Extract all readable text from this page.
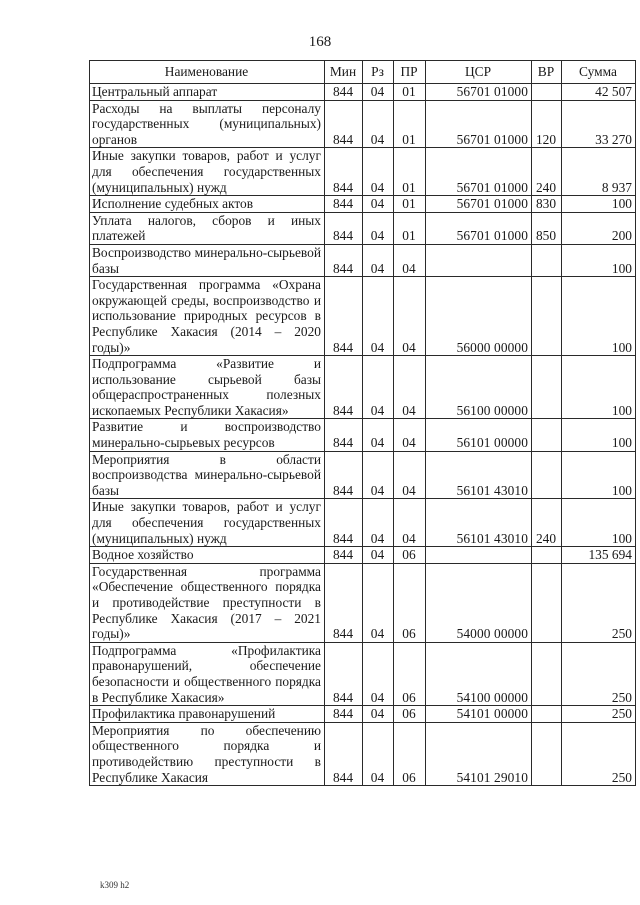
168
Наименование	Мин	Рз	ПР	ЦСР	ВР	Сумма
Центральный аппарат	844	04	01	56701 01000		42 507
Расходы на выплаты персоналу государственных (муниципальных) органов	844	04	01	56701 01000	120	33 270
Иные закупки товаров, работ и услуг для обеспечения государственных (муниципальных) нужд	844	04	01	56701 01000	240	8 937
Исполнение судебных актов	844	04	01	56701 01000	830	100
Уплата налогов, сборов и иных платежей	844	04	01	56701 01000	850	200
Воспроизводство минерально-сырьевой базы	844	04	04			100
Государственная программа «Охрана окружающей среды, воспроизводство и использование природных ресурсов в Республике Хакасия (2014 – 2020 годы)»	844	04	04	56000 00000		100
Подпрограмма «Развитие и использование сырьевой базы общераспространенных полезных ископаемых Республики Хакасия»	844	04	04	56100 00000		100
Развитие и воспроизводство минерально-сырьевых ресурсов	844	04	04	56101 00000		100
Мероприятия в области воспроизводства минерально-сырьевой базы	844	04	04	56101 43010		100
Иные закупки товаров, работ и услуг для обеспечения государственных (муниципальных) нужд	844	04	04	56101 43010	240	100
Водное хозяйство	844	04	06			135 694
Государственная программа «Обеспечение общественного порядка и противодействие преступности в Республике Хакасия (2017 – 2021 годы)»	844	04	06	54000 00000		250
Подпрограмма «Профилактика правонарушений, обеспечение безопасности и общественного порядка в Республике Хакасия»	844	04	06	54100 00000		250
Профилактика правонарушений	844	04	06	54101 00000		250
Мероприятия по обеспечению общественного порядка и противодействию преступности в Республике Хакасия	844	04	06	54101 29010		250
k309 h2
